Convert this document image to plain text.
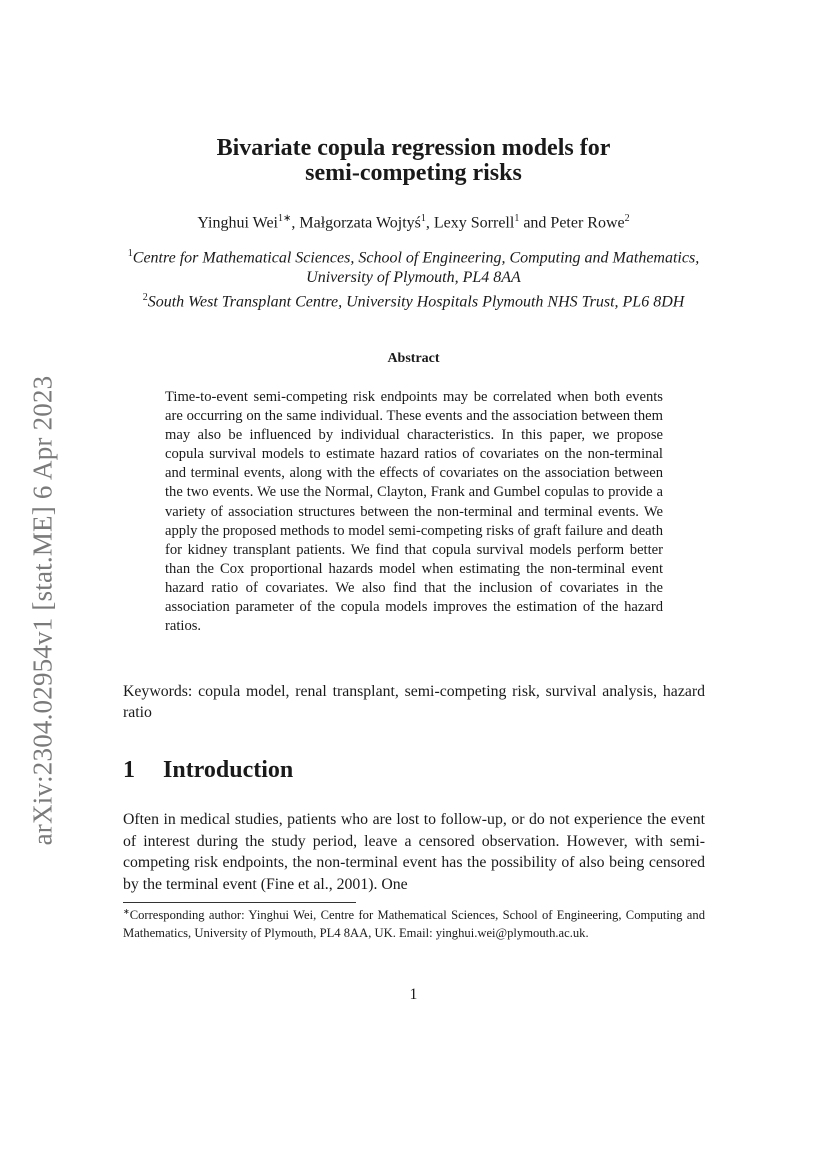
arXiv:2304.02954v1 [stat.ME] 6 Apr 2023
Bivariate copula regression models for
semi-competing risks
Yinghui Wei$^{1∗}$, Małgorzata Wojtyś$^1$, Lexy Sorrell$^1$ and Peter Rowe$^2$
$^1$Centre for Mathematical Sciences, School of Engineering, Computing and Mathematics, University of Plymouth, PL4 8AA
$^2$South West Transplant Centre, University Hospitals Plymouth NHS Trust, PL6 8DH
Abstract
Time-to-event semi-competing risk endpoints may be correlated when both events are occurring on the same individual. These events and the association between them may also be influenced by individual characteristics. In this paper, we propose copula survival models to estimate hazard ratios of covariates on the non-terminal and terminal events, along with the effects of covariates on the association between the two events. We use the Normal, Clayton, Frank and Gumbel copulas to provide a variety of association structures between the non-terminal and terminal events. We apply the proposed methods to model semi-competing risks of graft failure and death for kidney transplant patients. We find that copula survival models perform better than the Cox proportional hazards model when estimating the non-terminal event hazard ratio of covariates. We also find that the inclusion of covariates in the association parameter of the copula models improves the estimation of the hazard ratios.
Keywords: copula model, renal transplant, semi-competing risk, survival analysis, hazard ratio
1 Introduction
Often in medical studies, patients who are lost to follow-up, or do not experience the event of interest during the study period, leave a censored observation. However, with semi-competing risk endpoints, the non-terminal event has the possibility of also being censored by the terminal event (Fine et al., 2001). One
∗Corresponding author: Yinghui Wei, Centre for Mathematical Sciences, School of Engineering, Computing and Mathematics, University of Plymouth, PL4 8AA, UK. Email: yinghui.wei@plymouth.ac.uk.
1
